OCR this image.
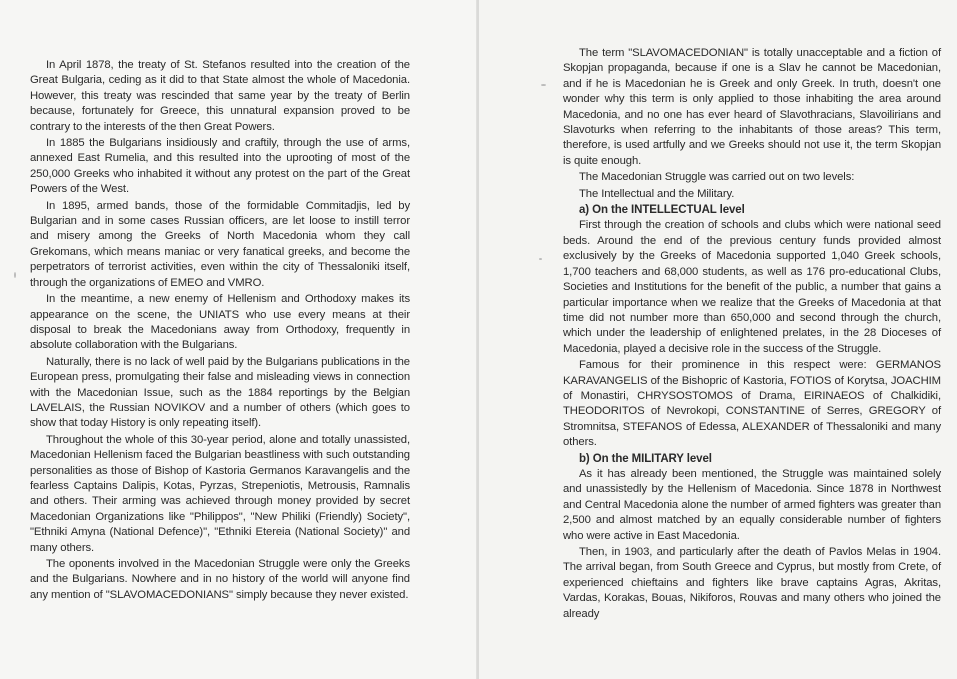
In April 1878, the treaty of St. Stefanos resulted into the creation of the Great Bulgaria, ceding as it did to that State almost the whole of Macedonia. However, this treaty was rescinded that same year by the treaty of Berlin because, fortunately for Greece, this unnatural expansion proved to be contrary to the interests of the then Great Powers.

In 1885 the Bulgarians insidiously and craftily, through the use of arms, annexed East Rumelia, and this resulted into the uprooting of most of the 250,000 Greeks who inhabited it without any protest on the part of the Great Powers of the West.

In 1895, armed bands, those of the formidable Commitadjis, led by Bulgarian and in some cases Russian officers, are let loose to instill terror and misery among the Greeks of North Macedonia whom they call Grekomans, which means maniac or very fanatical greeks, and become the perpetrators of terrorist activities, even within the city of Thessaloniki itself, through the organizations of EMEO and VMRO.

In the meantime, a new enemy of Hellenism and Orthodoxy makes its appearance on the scene, the UNIATS who use every means at their disposal to break the Macedonians away from Orthodoxy, frequently in absolute collaboration with the Bulgarians.

Naturally, there is no lack of well paid by the Bulgarians publications in the European press, promulgating their false and misleading views in connection with the Macedonian Issue, such as the 1884 reportings by the Belgian LAVELAIS, the Russian NOVIKOV and a number of others (which goes to show that today History is only repeating itself).

Throughout the whole of this 30-year period, alone and totally unassisted, Macedonian Hellenism faced the Bulgarian beastliness with such outstanding personalities as those of Bishop of Kastoria Germanos Karavangelis and the fearless Captains Dalipis, Kotas, Pyrzas, Strepeniotis, Metrousis, Ramnalis and others. Their arming was achieved through money provided by secret Macedonian Organizations like "Philippos", "New Philiki (Friendly) Society", "Ethniki Amyna (National Defence)", "Ethniki Etereia (National Society)" and many others.

The oponents involved in the Macedonian Struggle were only the Greeks and the Bulgarians. Nowhere and in no history of the world will anyone find any mention of "SLAVOMACEDONIANS" simply because they never existed.

The term "SLAVOMACEDONIAN" is totally unacceptable and a fiction of Skopjan propaganda, because if one is a Slav he cannot be Macedonian, and if he is Macedonian he is Greek and only Greek. In truth, doesn't one wonder why this term is only applied to those inhabiting the area around Macedonia, and no one has ever heard of Slavothracians, Slavoilirians and Slavoturks when referring to the inhabitants of those areas? This term, therefore, is used artfully and we Greeks should not use it, the term Skopjan is quite enough.

The Macedonian Struggle was carried out on two levels:

The Intellectual and the Military.

a) On the INTELLECTUAL level

First through the creation of schools and clubs which were national seed beds. Around the end of the previous century funds provided almost exclusively by the Greeks of Macedonia supported 1,040 Greek schools, 1,700 teachers and 68,000 students, as well as 176 pro-educational Clubs, Societies and Institutions for the benefit of the public, a number that gains a particular importance when we realize that the Greeks of Macedonia at that time did not number more than 650,000 and second through the church, which under the leadership of enlightened prelates, in the 28 Dioceses of Macedonia, played a decisive role in the success of the Struggle.

Famous for their prominence in this respect were: GERMANOS KARAVANGELIS of the Bishopric of Kastoria, FOTIOS of Korytsa, JOACHIM of Monastiri, CHRYSOSTOMOS of Drama, EIRINAEOS of Chalkidiki, THEODORITOS of Nevrokopi, CONSTANTINE of Serres, GREGORY of Stromnitsa, STEFANOS of Edessa, ALEXANDER of Thessaloniki and many others.

b) On the MILITARY level

As it has already been mentioned, the Struggle was maintained solely and unassistedly by the Hellenism of Macedonia. Since 1878 in Northwest and Central Macedonia alone the number of armed fighters was greater than 2,500 and almost matched by an equally considerable number of fighters who were active in East Macedonia.

Then, in 1903, and particularly after the death of Pavlos Melas in 1904. The arrival began, from South Greece and Cyprus, but mostly from Crete, of experienced chieftains and fighters like brave captains Agras, Akritas, Vardas, Korakas, Bouas, Nikiforos, Rouvas and many others who joined the already
